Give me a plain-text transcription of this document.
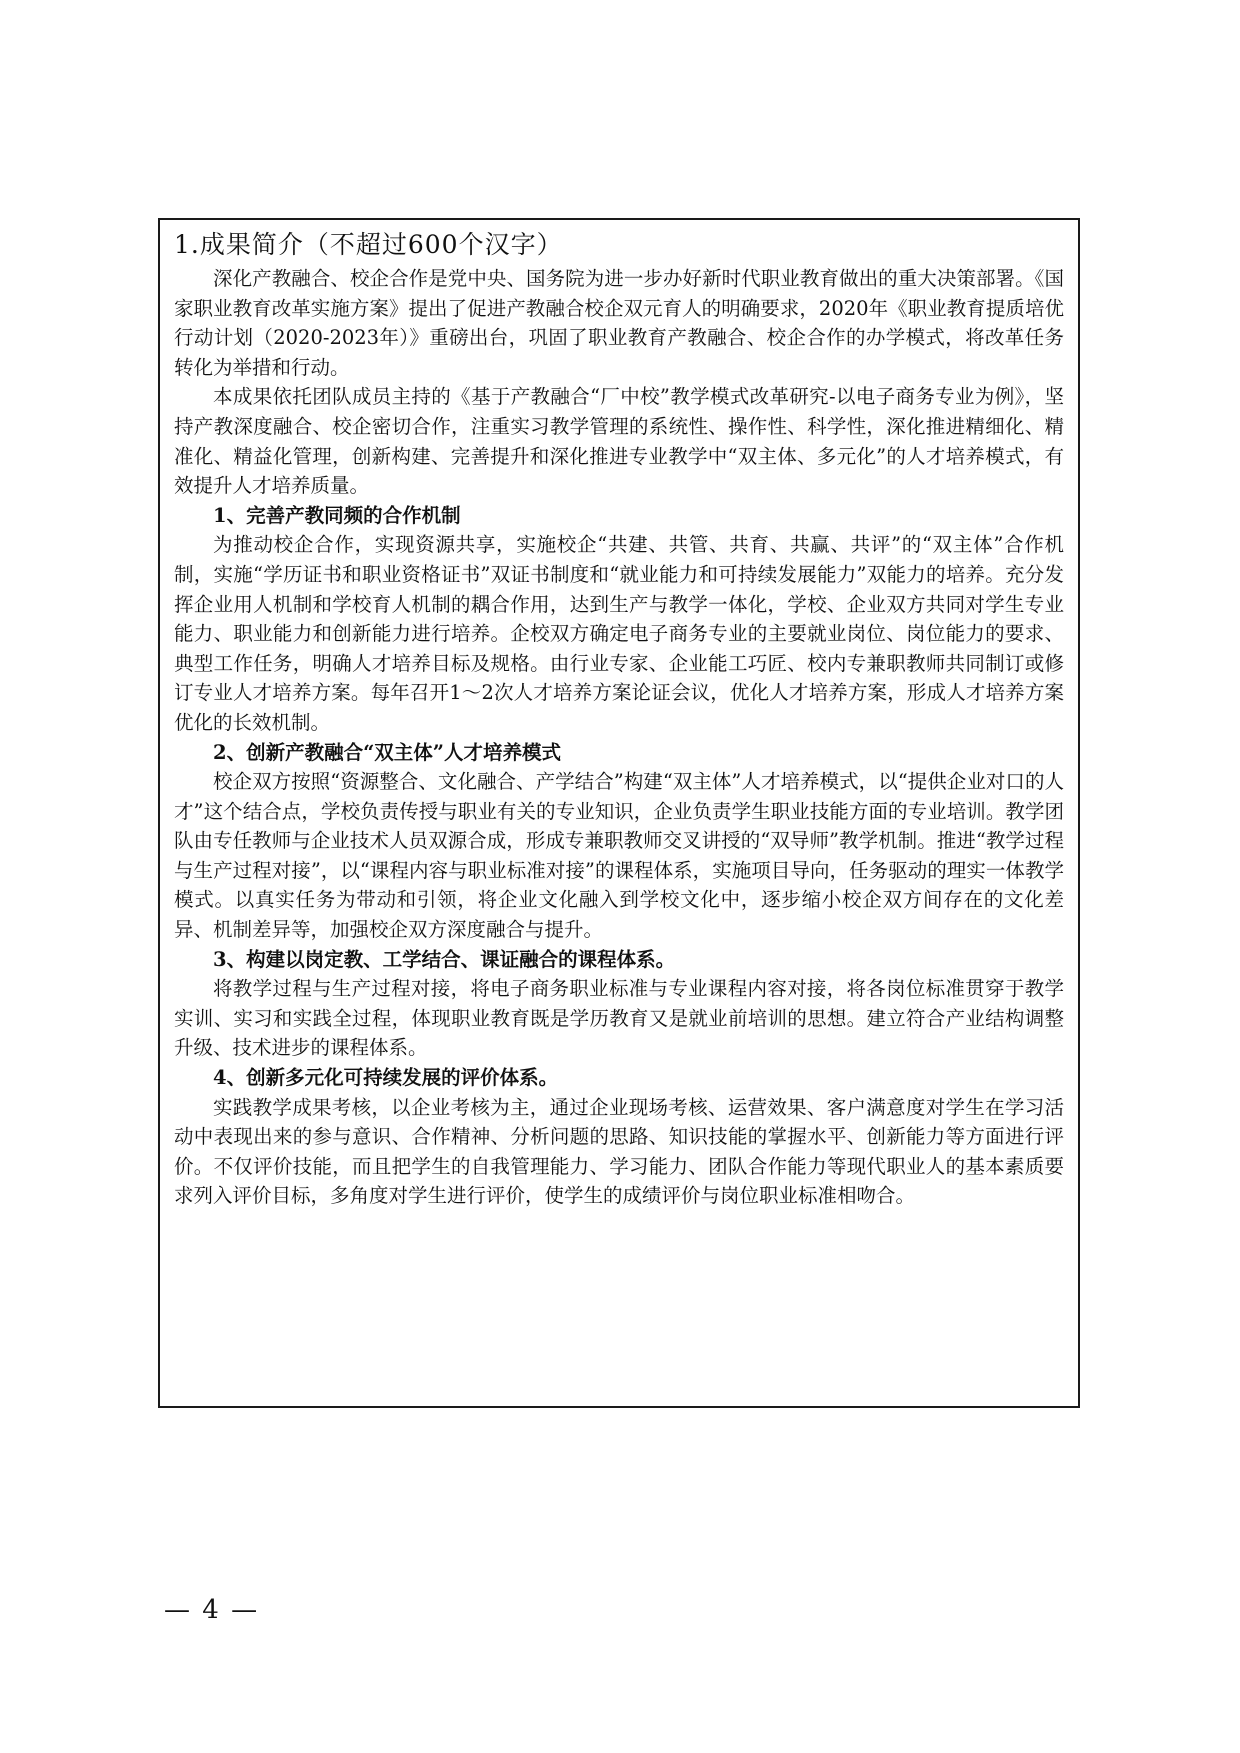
1.成果简介（不超过600个汉字）

深化产教融合、校企合作是党中央、国务院为进一步办好新时代职业教育做出的重大决策部署。《国家职业教育改革实施方案》提出了促进产教融合校企双元育人的明确要求，2020年《职业教育提质培优行动计划（2020-2023年）》重磅出台，巩固了职业教育产教融合、校企合作的办学模式，将改革任务转化为举措和行动。

本成果依托团队成员主持的《基于产教融合“厂中校”教学模式改革研究-以电子商务专业为例》，坚持产教深度融合、校企密切合作，注重实习教学管理的系统性、操作性、科学性，深化推进精细化、精准化、精益化管理，创新构建、完善提升和深化推进专业教学中“双主体、多元化”的人才培养模式，有效提升人才培养质量。

1、完善产教同频的合作机制

为推动校企合作，实现资源共享，实施校企“共建、共管、共育、共赢、共评”的“双主体”合作机制，实施“学历证书和职业资格证书”双证书制度和“就业能力和可持续发展能力”双能力的培养。充分发挥企业用人机制和学校育人机制的耦合作用，达到生产与教学一体化，学校、企业双方共同对学生专业能力、职业能力和创新能力进行培养。企校双方确定电子商务专业的主要就业岗位、岗位能力的要求、典型工作任务，明确人才培养目标及规格。由行业专家、企业能工巧匠、校内专兼职教师共同制订或修订专业人才培养方案。每年召开1～2次人才培养方案论证会议，优化人才培养方案，形成人才培养方案优化的长效机制。

2、创新产教融合“双主体”人才培养模式

校企双方按照“资源整合、文化融合、产学结合”构建“双主体”人才培养模式，以“提供企业对口的人才”这个结合点，学校负责传授与职业有关的专业知识，企业负责学生职业技能方面的专业培训。教学团队由专任教师与企业技术人员双源合成，形成专兼职教师交叉讲授的“双导师”教学机制。推进“教学过程与生产过程对接”，以“课程内容与职业标准对接”的课程体系，实施项目导向，任务驱动的理实一体教学模式。以真实任务为带动和引领，将企业文化融入到学校文化中，逐步缩小校企双方间存在的文化差异、机制差异等，加强校企双方深度融合与提升。

3、构建以岗定教、工学结合、课证融合的课程体系。

将教学过程与生产过程对接，将电子商务职业标准与专业课程内容对接，将各岗位标准贯穿于教学实训、实习和实践全过程，体现职业教育既是学历教育又是就业前培训的思想。建立符合产业结构调整升级、技术进步的课程体系。

4、创新多元化可持续发展的评价体系。

实践教学成果考核，以企业考核为主，通过企业现场考核、运营效果、客户满意度对学生在学习活动中表现出来的参与意识、合作精神、分析问题的思路、知识技能的掌握水平、创新能力等方面进行评价。不仅评价技能，而且把学生的自我管理能力、学习能力、团队合作能力等现代职业人的基本素质要求列入评价目标，多角度对学生进行评价，使学生的成绩评价与岗位职业标准相吻合。

— 4 —
